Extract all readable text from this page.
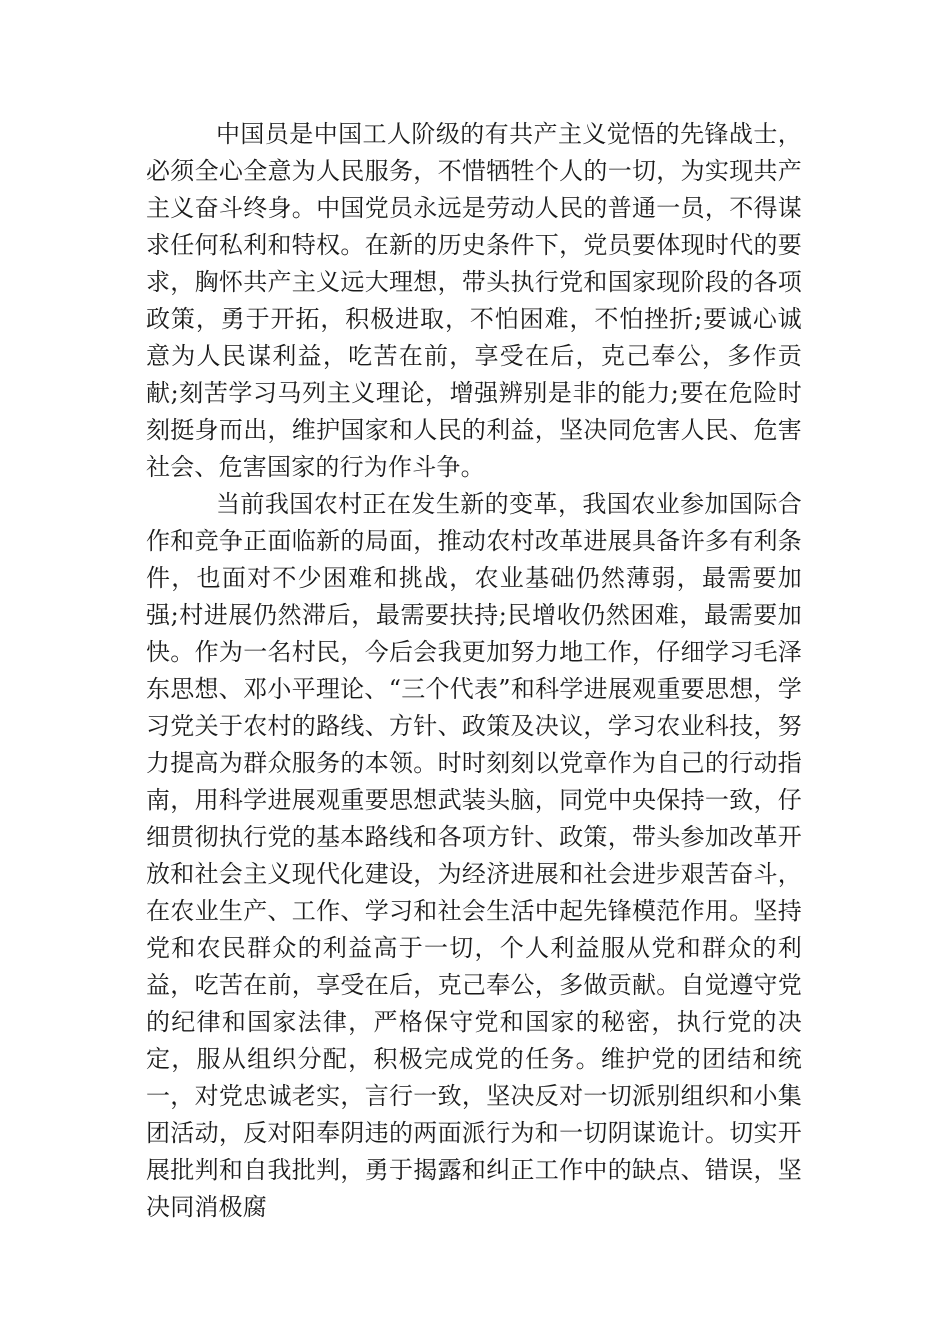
中国员是中国工人阶级的有共产主义觉悟的先锋战士，必须全心全意为人民服务，不惜牺牲个人的一切，为实现共产主义奋斗终身。中国党员永远是劳动人民的普通一员，不得谋求任何私利和特权。在新的历史条件下，党员要体现时代的要求，胸怀共产主义远大理想，带头执行党和国家现阶段的各项政策，勇于开拓，积极进取，不怕困难，不怕挫折;要诚心诚意为人民谋利益，吃苦在前，享受在后，克己奉公，多作贡献;刻苦学习马列主义理论，增强辨别是非的能力;要在危险时刻挺身而出，维护国家和人民的利益，坚决同危害人民、危害社会、危害国家的行为作斗争。

当前我国农村正在发生新的变革，我国农业参加国际合作和竞争正面临新的局面，推动农村改革进展具备许多有利条件，也面对不少困难和挑战，农业基础仍然薄弱，最需要加强;村进展仍然滞后，最需要扶持;民增收仍然困难，最需要加快。作为一名村民，今后会我更加努力地工作，仔细学习毛泽东思想、邓小平理论、“三个代表”和科学进展观重要思想，学习党关于农村的路线、方针、政策及决议，学习农业科技，努力提高为群众服务的本领。时时刻刻以党章作为自己的行动指南，用科学进展观重要思想武装头脑，同党中央保持一致，仔细贯彻执行党的基本路线和各项方针、政策，带头参加改革开放和社会主义现代化建设，为经济进展和社会进步艰苦奋斗，在农业生产、工作、学习和社会生活中起先锋模范作用。坚持党和农民群众的利益高于一切，个人利益服从党和群众的利益，吃苦在前，享受在后，克己奉公，多做贡献。自觉遵守党的纪律和国家法律，严格保守党和国家的秘密，执行党的决定，服从组织分配，积极完成党的任务。维护党的团结和统一，对党忠诚老实，言行一致，坚决反对一切派别组织和小集团活动，反对阳奉阴违的两面派行为和一切阴谋诡计。切实开展批判和自我批判，勇于揭露和纠正工作中的缺点、错误，坚决同消极腐
